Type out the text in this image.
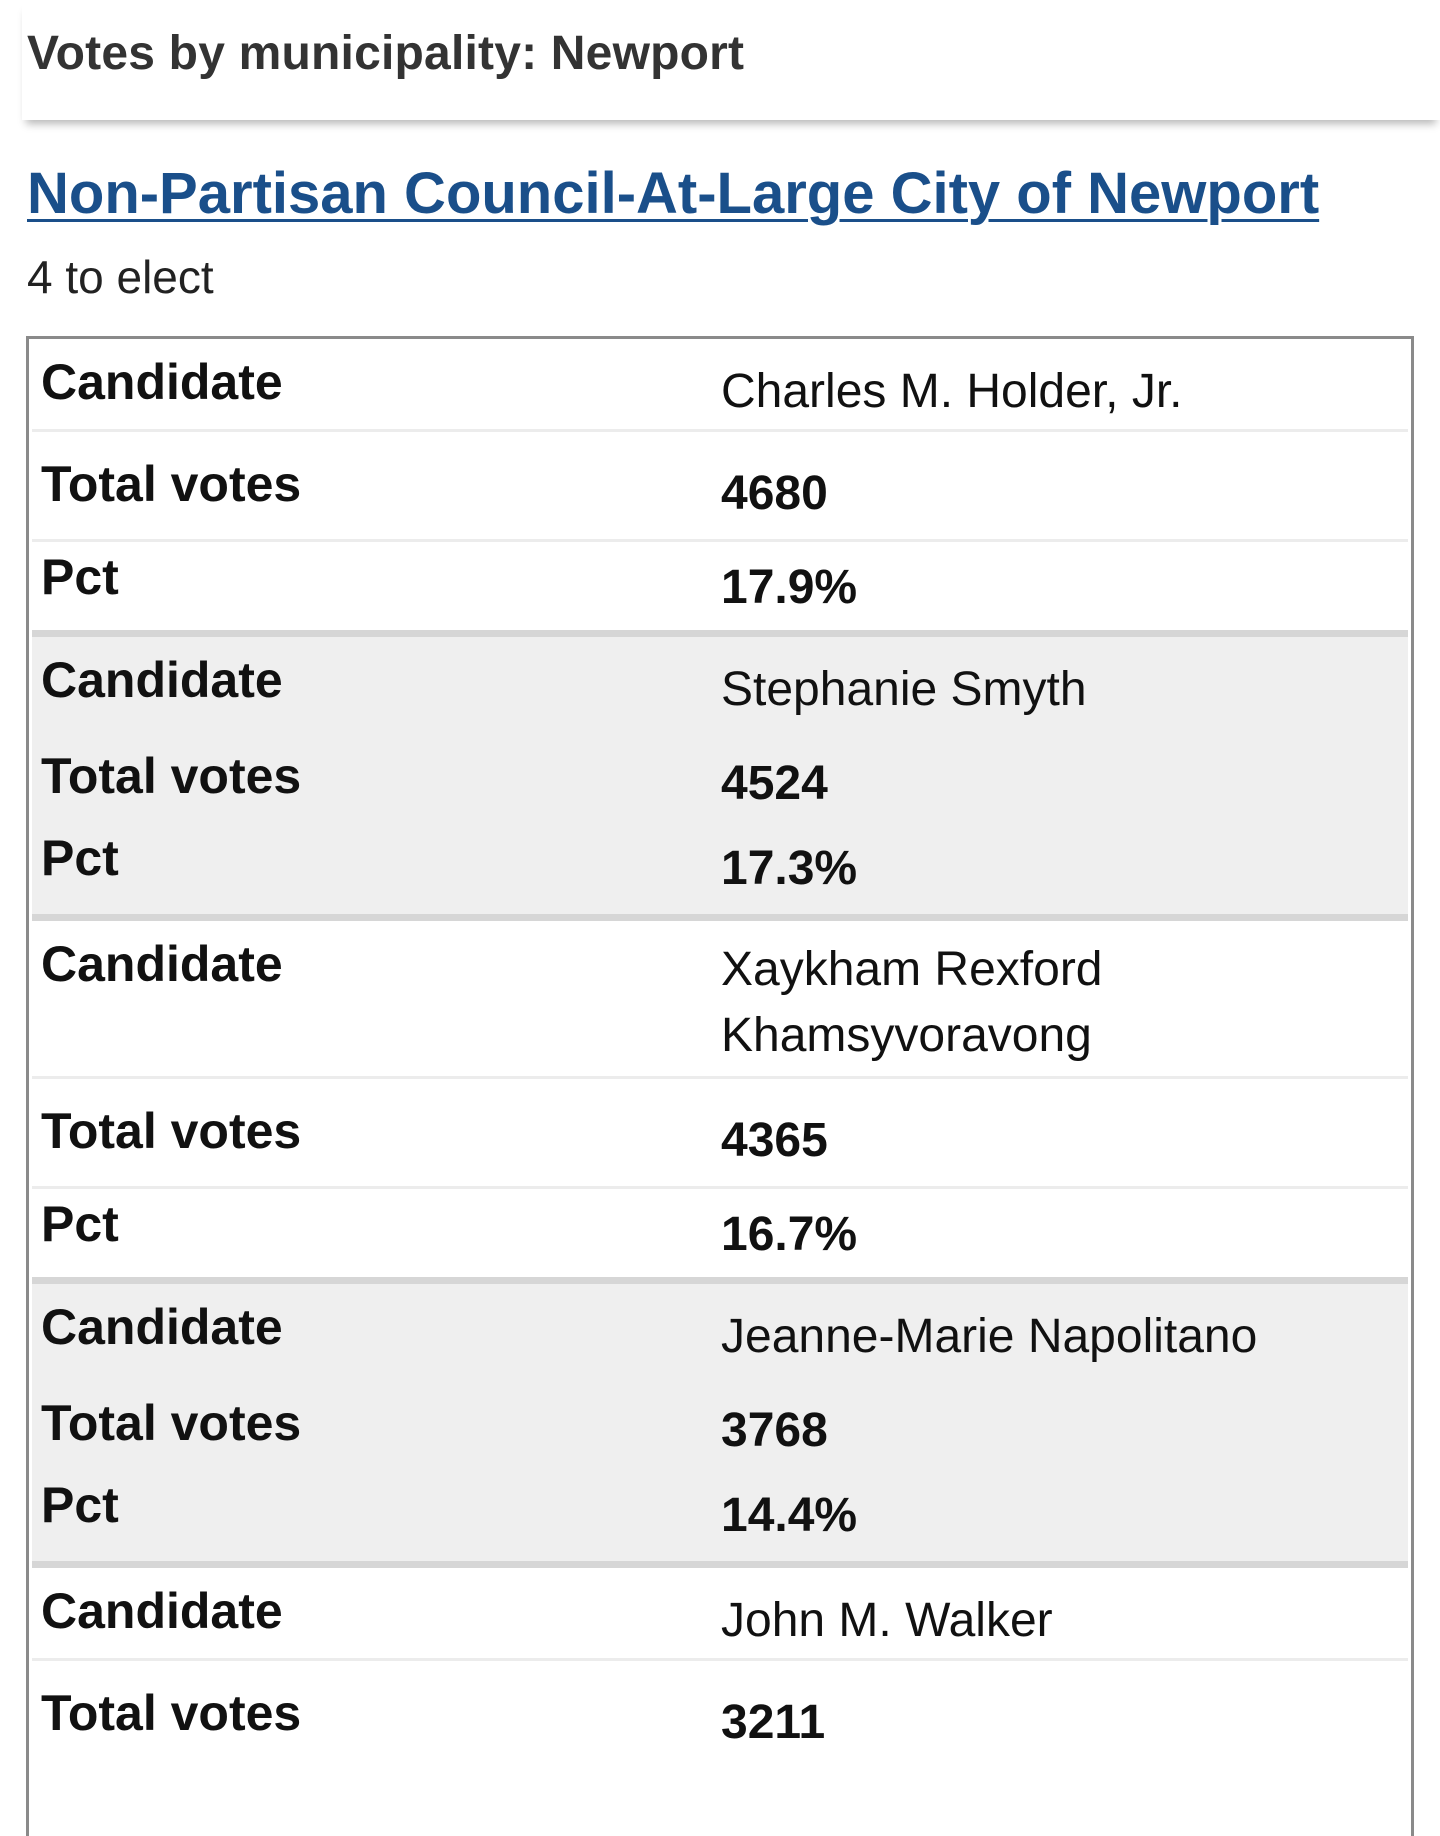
Votes by municipality: Newport
Non-Partisan Council-At-Large City of Newport
4 to elect
Candidate	Charles M. Holder, Jr.
Total votes	4680
Pct	17.9%
Candidate	Stephanie Smyth
Total votes	4524
Pct	17.3%
Candidate	Xaykham Rexford
Khamsyvoravong
Total votes	4365
Pct	16.7%
Candidate	Jeanne-Marie Napolitano
Total votes	3768
Pct	14.4%
Candidate	John M. Walker
Total votes	3211
